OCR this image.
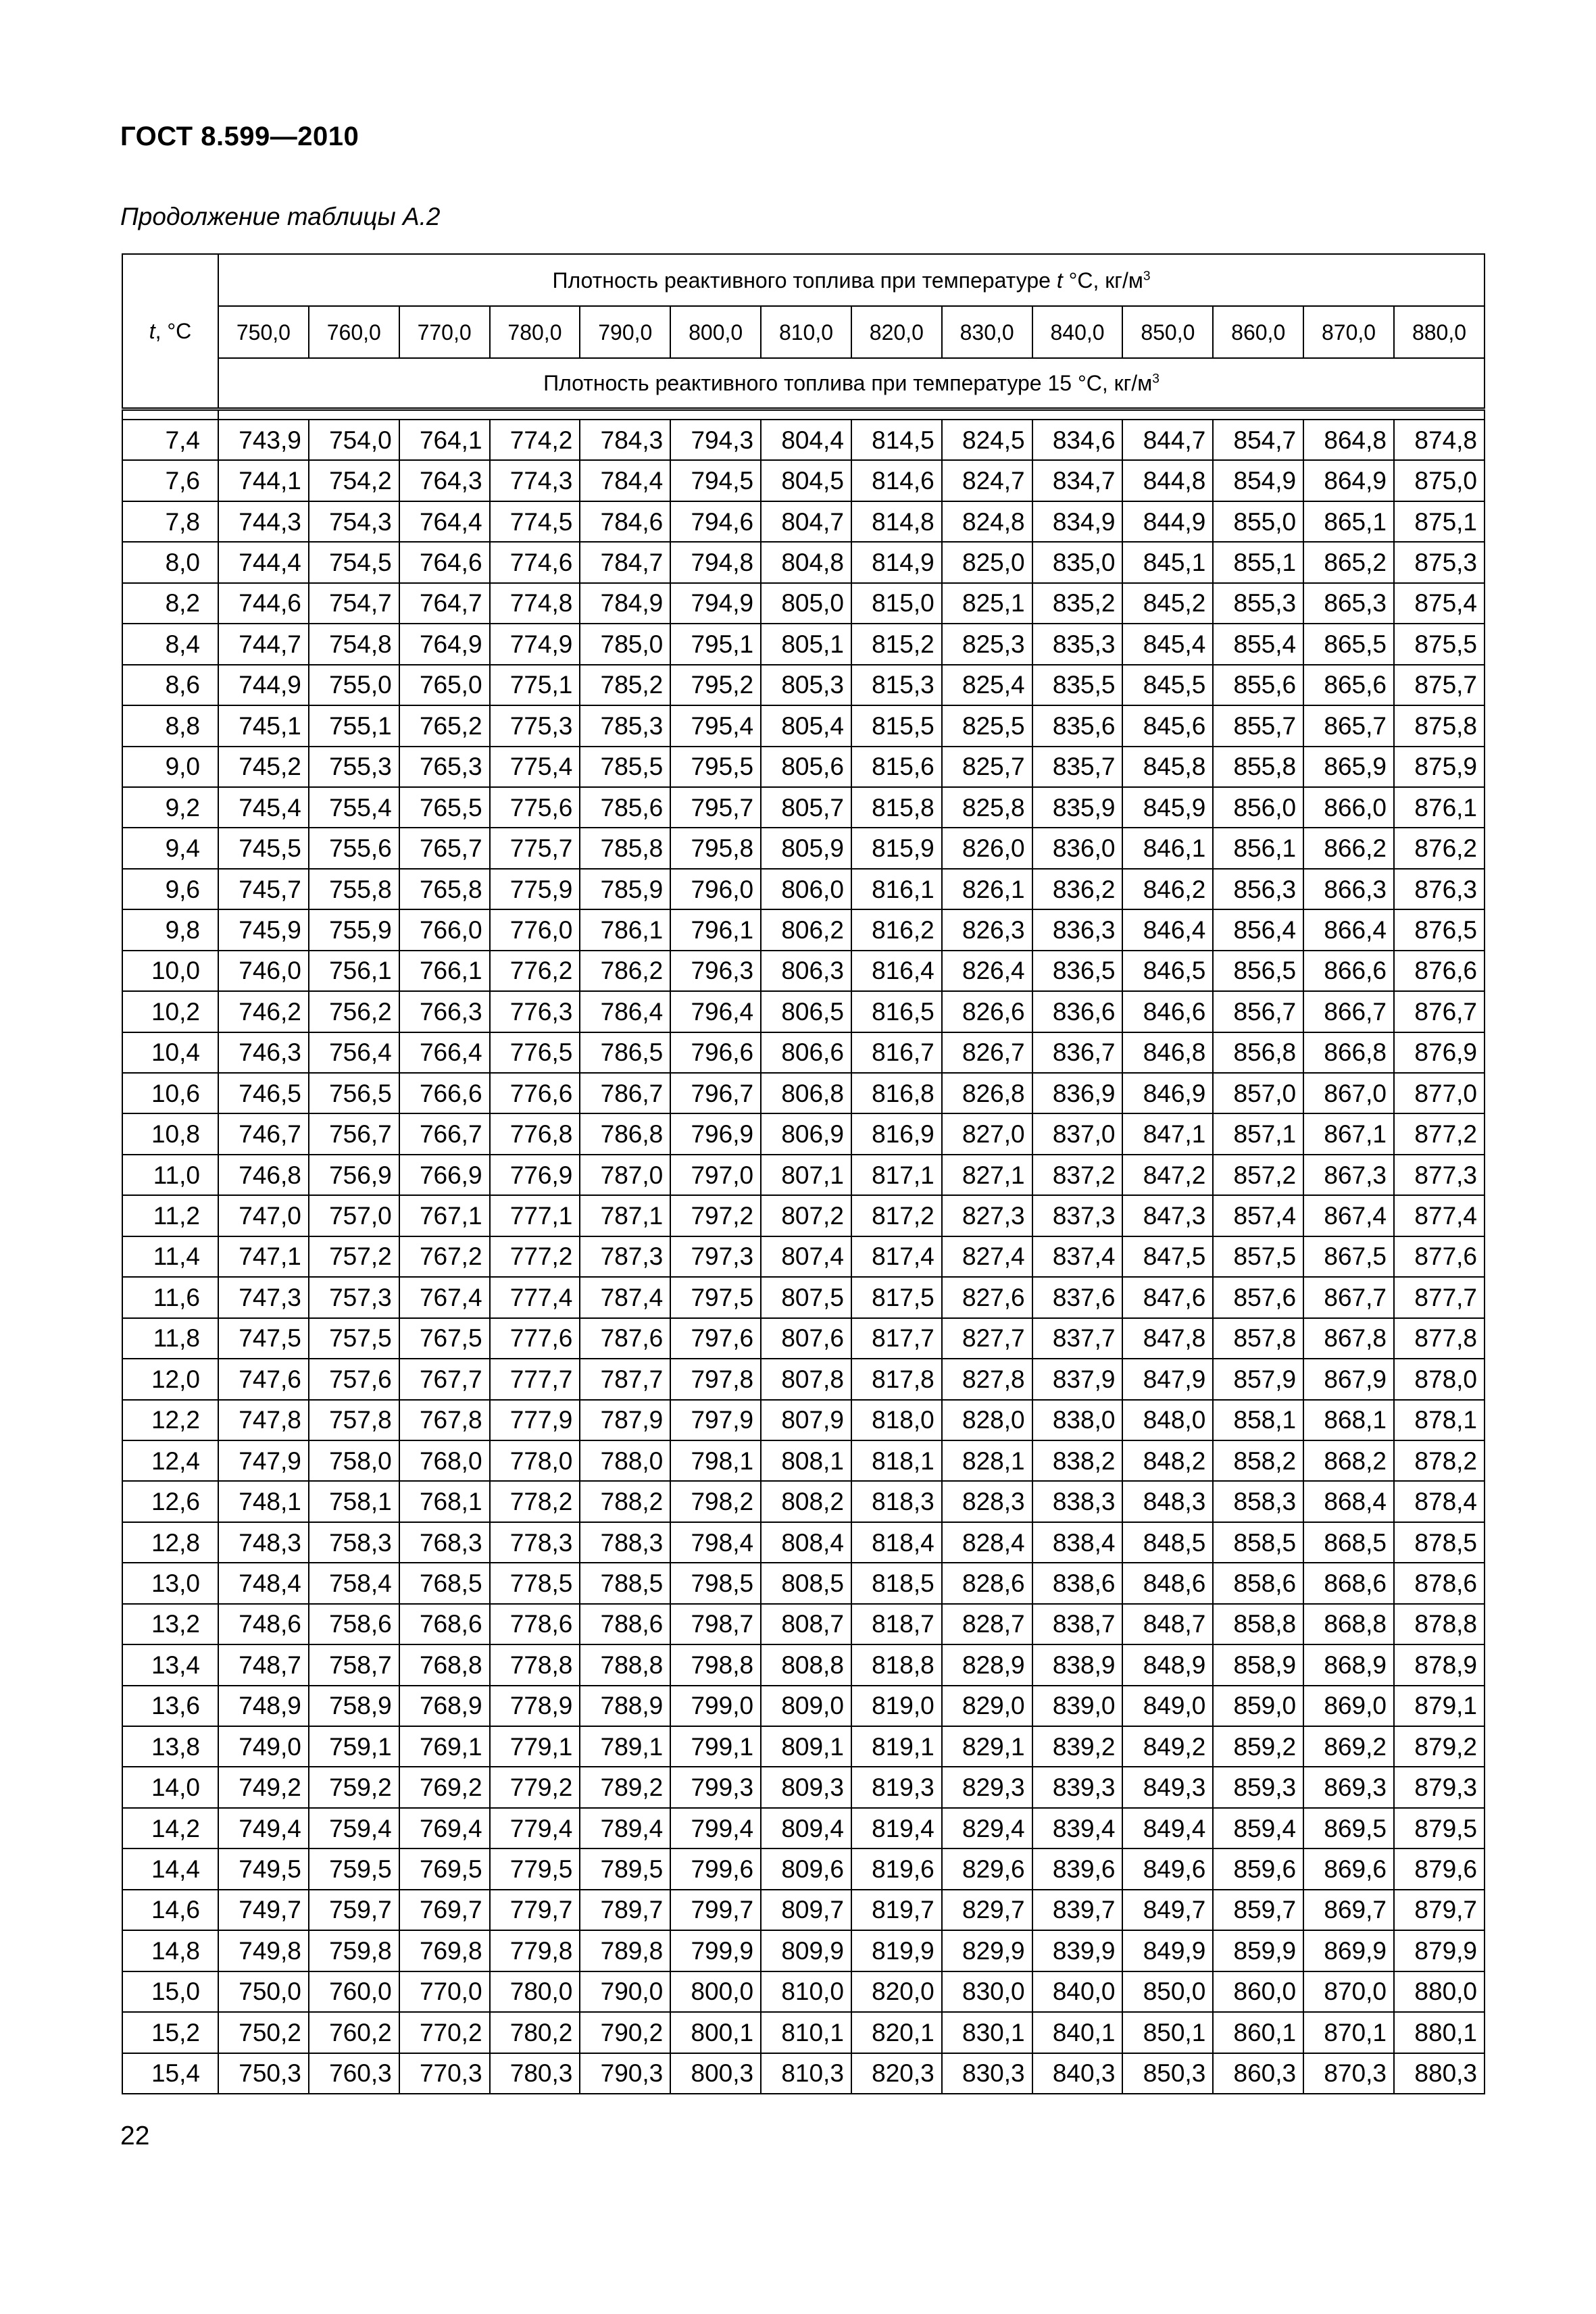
ГОСТ 8.599—2010
Продолжение таблицы А.2
t, °С	Плотность реактивного топлива при температуре t °С, $кг/м^3$
	750,0	760,0	770,0	780,0	790,0	800,0	810,0	820,0	830,0	840,0	850,0	860,0	870,0	880,0
	Плотность реактивного топлива при температуре 15 °С, $кг/м^3$

7,4	743,9	754,0	764,1	774,2	784,3	794,3	804,4	814,5	824,5	834,6	844,7	854,7	864,8	874,8
7,6	744,1	754,2	764,3	774,3	784,4	794,5	804,5	814,6	824,7	834,7	844,8	854,9	864,9	875,0
7,8	744,3	754,3	764,4	774,5	784,6	794,6	804,7	814,8	824,8	834,9	844,9	855,0	865,1	875,1
8,0	744,4	754,5	764,6	774,6	784,7	794,8	804,8	814,9	825,0	835,0	845,1	855,1	865,2	875,3
8,2	744,6	754,7	764,7	774,8	784,9	794,9	805,0	815,0	825,1	835,2	845,2	855,3	865,3	875,4
8,4	744,7	754,8	764,9	774,9	785,0	795,1	805,1	815,2	825,3	835,3	845,4	855,4	865,5	875,5
8,6	744,9	755,0	765,0	775,1	785,2	795,2	805,3	815,3	825,4	835,5	845,5	855,6	865,6	875,7
8,8	745,1	755,1	765,2	775,3	785,3	795,4	805,4	815,5	825,5	835,6	845,6	855,7	865,7	875,8
9,0	745,2	755,3	765,3	775,4	785,5	795,5	805,6	815,6	825,7	835,7	845,8	855,8	865,9	875,9
9,2	745,4	755,4	765,5	775,6	785,6	795,7	805,7	815,8	825,8	835,9	845,9	856,0	866,0	876,1
9,4	745,5	755,6	765,7	775,7	785,8	795,8	805,9	815,9	826,0	836,0	846,1	856,1	866,2	876,2
9,6	745,7	755,8	765,8	775,9	785,9	796,0	806,0	816,1	826,1	836,2	846,2	856,3	866,3	876,3
9,8	745,9	755,9	766,0	776,0	786,1	796,1	806,2	816,2	826,3	836,3	846,4	856,4	866,4	876,5
10,0	746,0	756,1	766,1	776,2	786,2	796,3	806,3	816,4	826,4	836,5	846,5	856,5	866,6	876,6
10,2	746,2	756,2	766,3	776,3	786,4	796,4	806,5	816,5	826,6	836,6	846,6	856,7	866,7	876,7
10,4	746,3	756,4	766,4	776,5	786,5	796,6	806,6	816,7	826,7	836,7	846,8	856,8	866,8	876,9
10,6	746,5	756,5	766,6	776,6	786,7	796,7	806,8	816,8	826,8	836,9	846,9	857,0	867,0	877,0
10,8	746,7	756,7	766,7	776,8	786,8	796,9	806,9	816,9	827,0	837,0	847,1	857,1	867,1	877,2
11,0	746,8	756,9	766,9	776,9	787,0	797,0	807,1	817,1	827,1	837,2	847,2	857,2	867,3	877,3
11,2	747,0	757,0	767,1	777,1	787,1	797,2	807,2	817,2	827,3	837,3	847,3	857,4	867,4	877,4
11,4	747,1	757,2	767,2	777,2	787,3	797,3	807,4	817,4	827,4	837,4	847,5	857,5	867,5	877,6
11,6	747,3	757,3	767,4	777,4	787,4	797,5	807,5	817,5	827,6	837,6	847,6	857,6	867,7	877,7
11,8	747,5	757,5	767,5	777,6	787,6	797,6	807,6	817,7	827,7	837,7	847,8	857,8	867,8	877,8
12,0	747,6	757,6	767,7	777,7	787,7	797,8	807,8	817,8	827,8	837,9	847,9	857,9	867,9	878,0
12,2	747,8	757,8	767,8	777,9	787,9	797,9	807,9	818,0	828,0	838,0	848,0	858,1	868,1	878,1
12,4	747,9	758,0	768,0	778,0	788,0	798,1	808,1	818,1	828,1	838,2	848,2	858,2	868,2	878,2
12,6	748,1	758,1	768,1	778,2	788,2	798,2	808,2	818,3	828,3	838,3	848,3	858,3	868,4	878,4
12,8	748,3	758,3	768,3	778,3	788,3	798,4	808,4	818,4	828,4	838,4	848,5	858,5	868,5	878,5
13,0	748,4	758,4	768,5	778,5	788,5	798,5	808,5	818,5	828,6	838,6	848,6	858,6	868,6	878,6
13,2	748,6	758,6	768,6	778,6	788,6	798,7	808,7	818,7	828,7	838,7	848,7	858,8	868,8	878,8
13,4	748,7	758,7	768,8	778,8	788,8	798,8	808,8	818,8	828,9	838,9	848,9	858,9	868,9	878,9
13,6	748,9	758,9	768,9	778,9	788,9	799,0	809,0	819,0	829,0	839,0	849,0	859,0	869,0	879,1
13,8	749,0	759,1	769,1	779,1	789,1	799,1	809,1	819,1	829,1	839,2	849,2	859,2	869,2	879,2
14,0	749,2	759,2	769,2	779,2	789,2	799,3	809,3	819,3	829,3	839,3	849,3	859,3	869,3	879,3
14,2	749,4	759,4	769,4	779,4	789,4	799,4	809,4	819,4	829,4	839,4	849,4	859,4	869,5	879,5
14,4	749,5	759,5	769,5	779,5	789,5	799,6	809,6	819,6	829,6	839,6	849,6	859,6	869,6	879,6
14,6	749,7	759,7	769,7	779,7	789,7	799,7	809,7	819,7	829,7	839,7	849,7	859,7	869,7	879,7
14,8	749,8	759,8	769,8	779,8	789,8	799,9	809,9	819,9	829,9	839,9	849,9	859,9	869,9	879,9
15,0	750,0	760,0	770,0	780,0	790,0	800,0	810,0	820,0	830,0	840,0	850,0	860,0	870,0	880,0
15,2	750,2	760,2	770,2	780,2	790,2	800,1	810,1	820,1	830,1	840,1	850,1	860,1	870,1	880,1
15,4	750,3	760,3	770,3	780,3	790,3	800,3	810,3	820,3	830,3	840,3	850,3	860,3	870,3	880,3
22
